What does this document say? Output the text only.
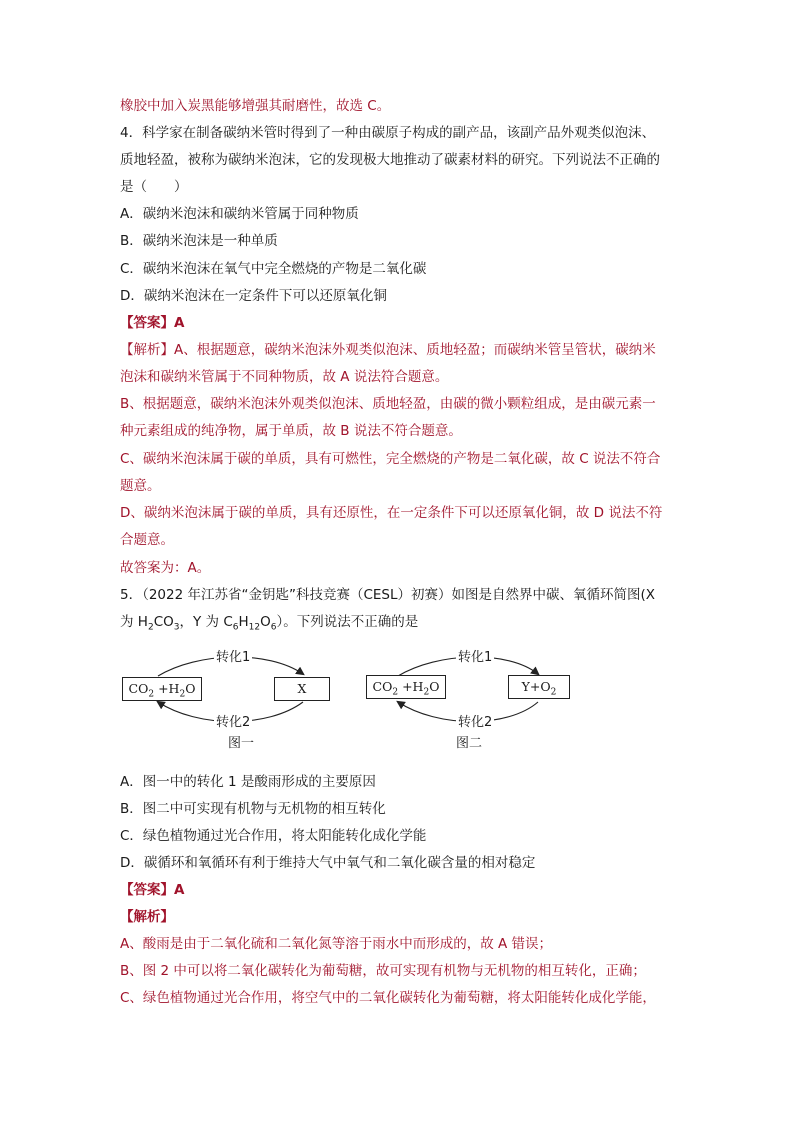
橡胶中加入炭黑能够增强其耐磨性，故选 C。
4．科学家在制备碳纳米管时得到了一种由碳原子构成的副产品，该副产品外观类似泡沫、
质地轻盈，被称为碳纳米泡沫，它的发现极大地推动了碳素材料的研究。下列说法不正确的
是（　　）
A．碳纳米泡沫和碳纳米管属于同种物质
B．碳纳米泡沫是一种单质
C．碳纳米泡沫在氧气中完全燃烧的产物是二氧化碳
D．碳纳米泡沫在一定条件下可以还原氧化铜
【答案】A
【解析】A、根据题意，碳纳米泡沫外观类似泡沫、质地轻盈；而碳纳米管呈管状，碳纳米
泡沫和碳纳米管属于不同种物质，故 A 说法符合题意。
B、根据题意，碳纳米泡沫外观类似泡沫、质地轻盈，由碳的微小颗粒组成，是由碳元素一
种元素组成的纯净物，属于单质，故 B 说法不符合题意。
C、碳纳米泡沫属于碳的单质，具有可燃性，完全燃烧的产物是二氧化碳，故 C 说法不符合
题意。
D、碳纳米泡沫属于碳的单质，具有还原性，在一定条件下可以还原氧化铜，故 D 说法不符
合题意。
故答案为：A。
5．（2022 年江苏省“金钥匙”科技竞赛（CESL）初赛）如图是自然界中碳、氧循环简图(X
A．图一中的转化 1 是酸雨形成的主要原因
B．图二中可实现有机物与无机物的相互转化
C．绿色植物通过光合作用，将太阳能转化成化学能
D．碳循环和氧循环有利于维持大气中氧气和二氧化碳含量的相对稳定
【答案】A
【解析】
A、酸雨是由于二氧化硫和二氧化氮等溶于雨水中而形成的，故 A 错误；
B、图 2 中可以将二氧化碳转化为葡萄糖，故可实现有机物与无机物的相互转化，正确；
C、绿色植物通过光合作用，将空气中的二氧化碳转化为葡萄糖，将太阳能转化成化学能，
为 $H_2CO_3$，Y 为 $C_6H_{12}O_6$）。下列说法不正确的是
$CO_2 +H_2O$	X
转化1
转化2
图一
$CO_2 +H_2O$	$Y+O_2$
转化1
转化2
图二
